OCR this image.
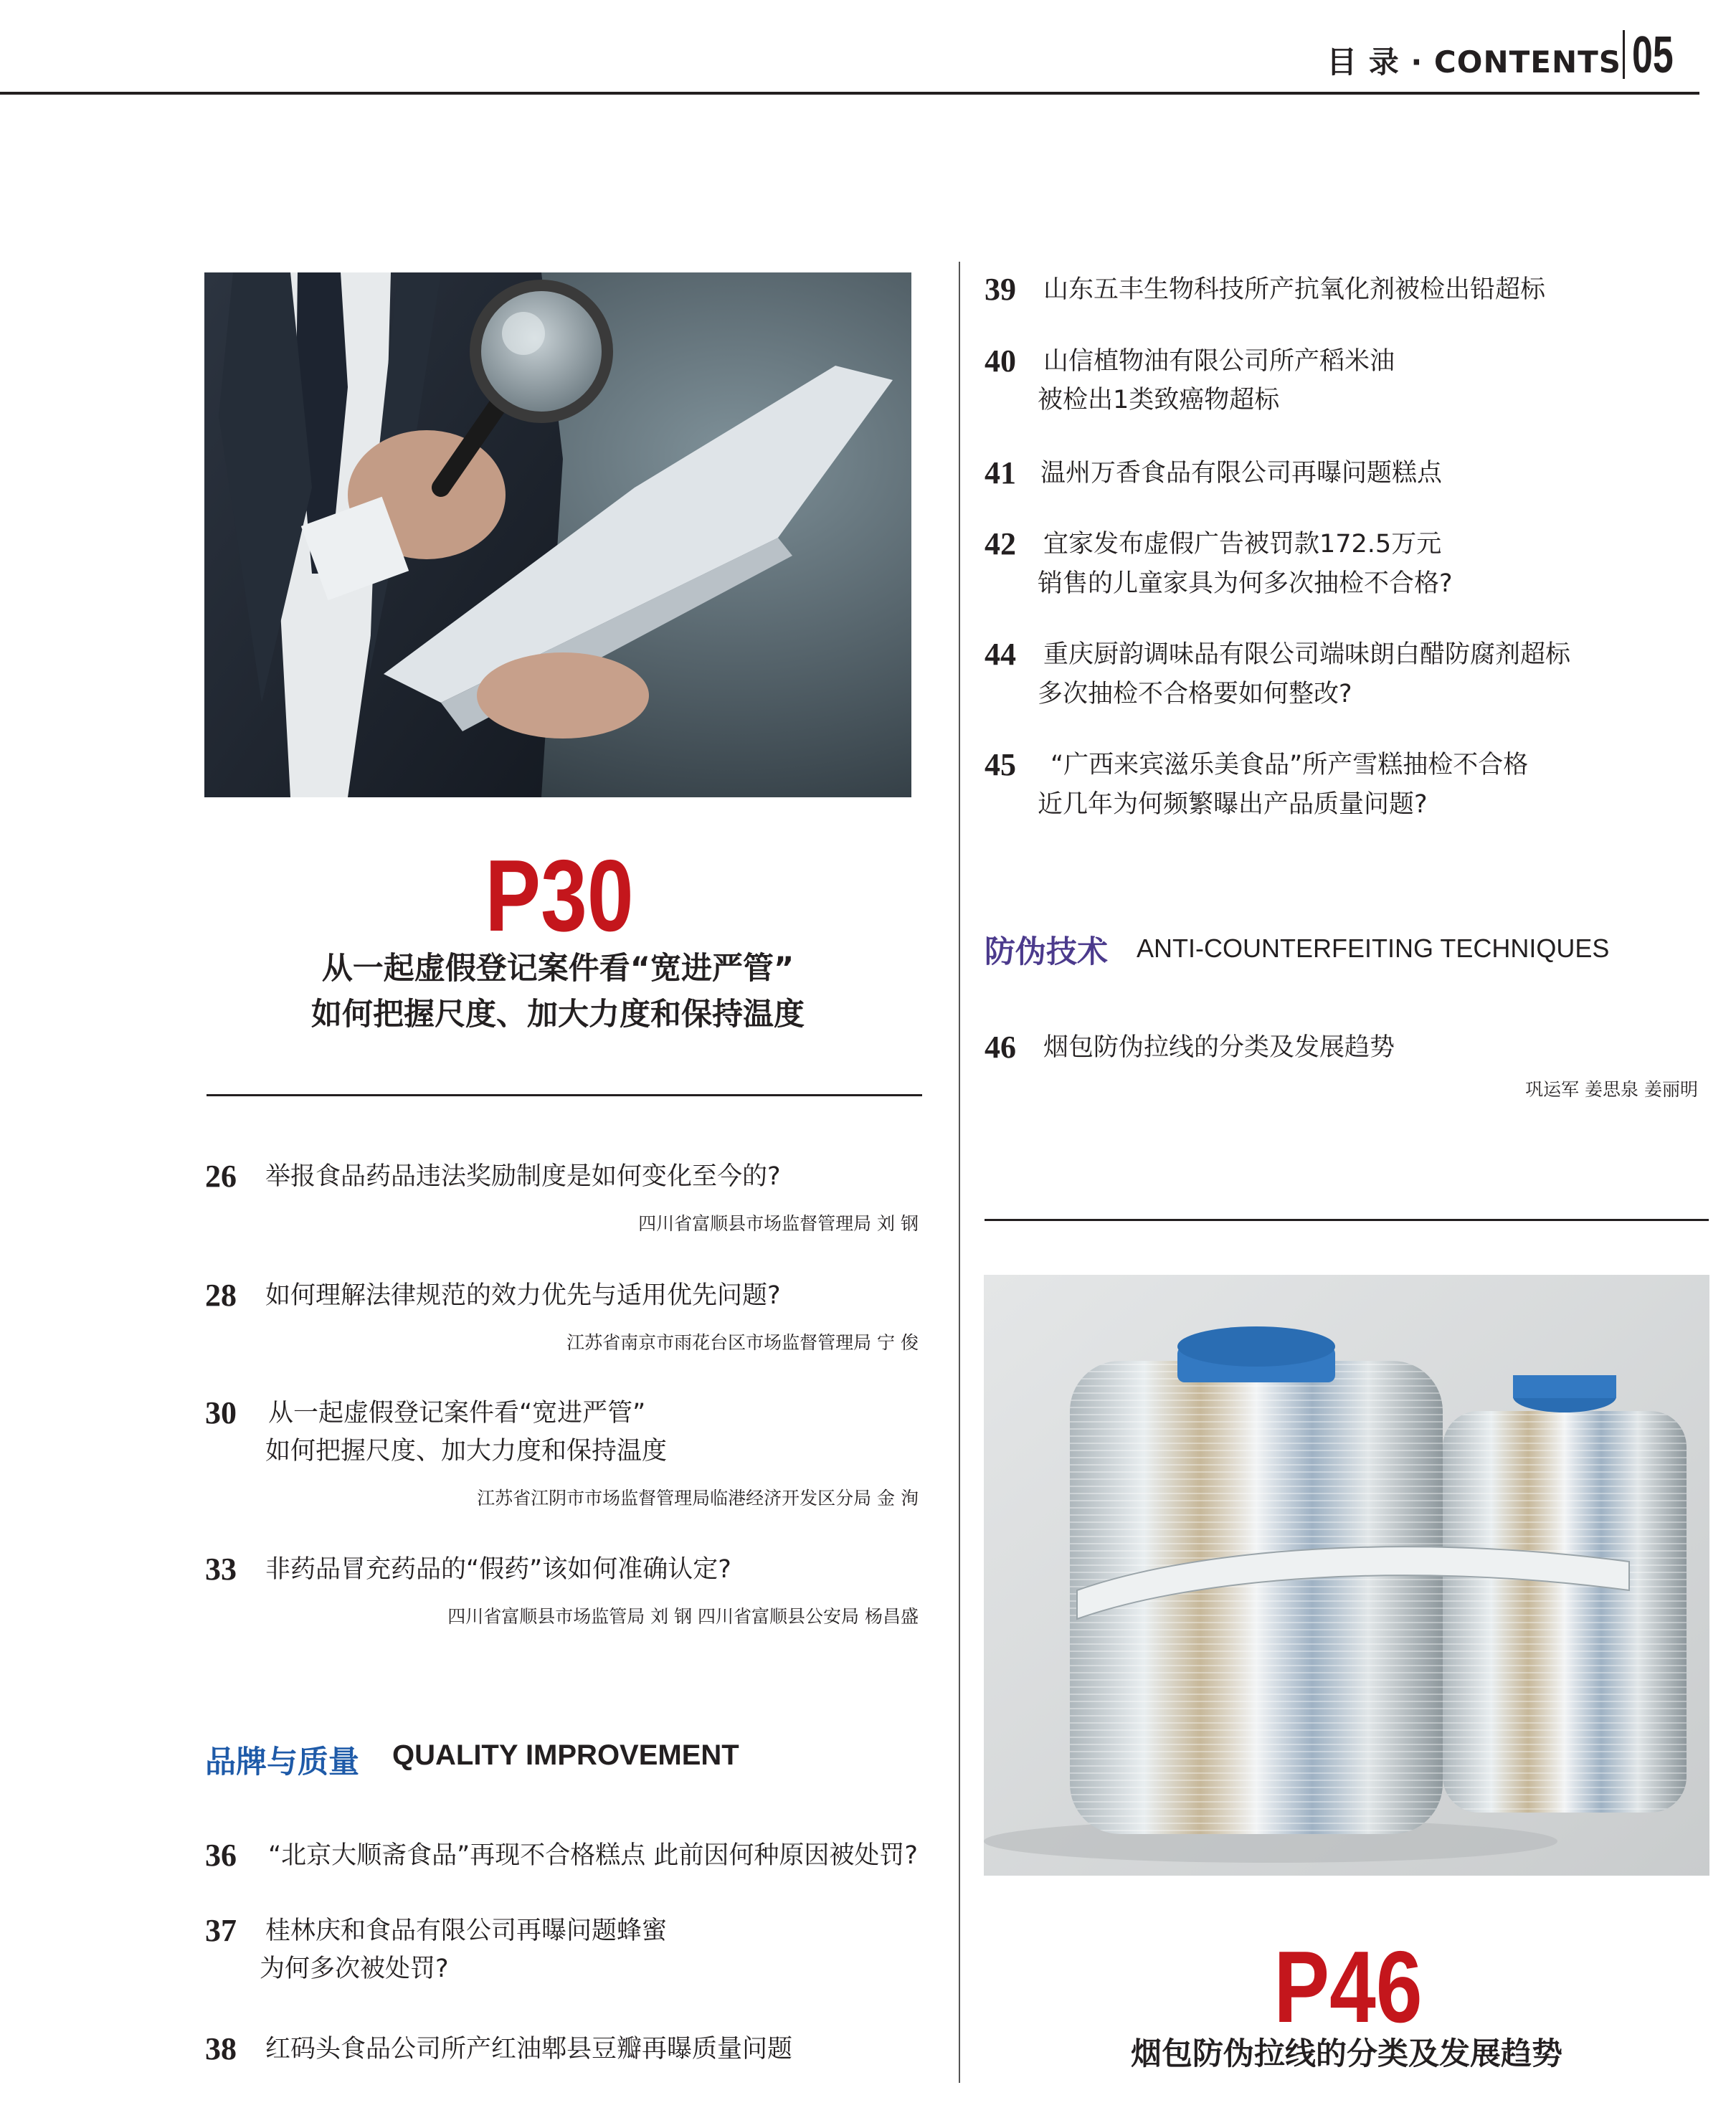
目 录 · CONTENTS 05
P30
从一起虚假登记案件看“宽进严管”
如何把握尺度、加大力度和保持温度
26 举报食品药品违法奖励制度是如何变化至今的?
四川省富顺县市场监督管理局 刘 钢
28 如何理解法律规范的效力优先与适用优先问题?
江苏省南京市雨花台区市场监督管理局 宁 俊
30 从一起虚假登记案件看“宽进严管”
如何把握尺度、加大力度和保持温度
江苏省江阴市市场监督管理局临港经济开发区分局 金 洵
33 非药品冒充药品的“假药”该如何准确认定?
四川省富顺县市场监管局 刘 钢 四川省富顺县公安局 杨昌盛
品牌与质量 QUALITY IMPROVEMENT
36 “北京大顺斋食品”再现不合格糕点 此前因何种原因被处罚?
37 桂林庆和食品有限公司再曝问题蜂蜜
为何多次被处罚?
38 红码头食品公司所产红油郫县豆瓣再曝质量问题
39 山东五丰生物科技所产抗氧化剂被检出铅超标
40 山信植物油有限公司所产稻米油
被检出1类致癌物超标
41 温州万香食品有限公司再曝问题糕点
42 宜家发布虚假广告被罚款172.5万元
销售的儿童家具为何多次抽检不合格?
44 重庆厨韵调味品有限公司端味朗白醋防腐剂超标
多次抽检不合格要如何整改?
45 “广西来宾滋乐美食品”所产雪糕抽检不合格
近几年为何频繁曝出产品质量问题?
防伪技术 ANTI-COUNTERFEITING TECHNIQUES
46 烟包防伪拉线的分类及发展趋势
巩运军 姜思泉 姜丽明
P46
烟包防伪拉线的分类及发展趋势
